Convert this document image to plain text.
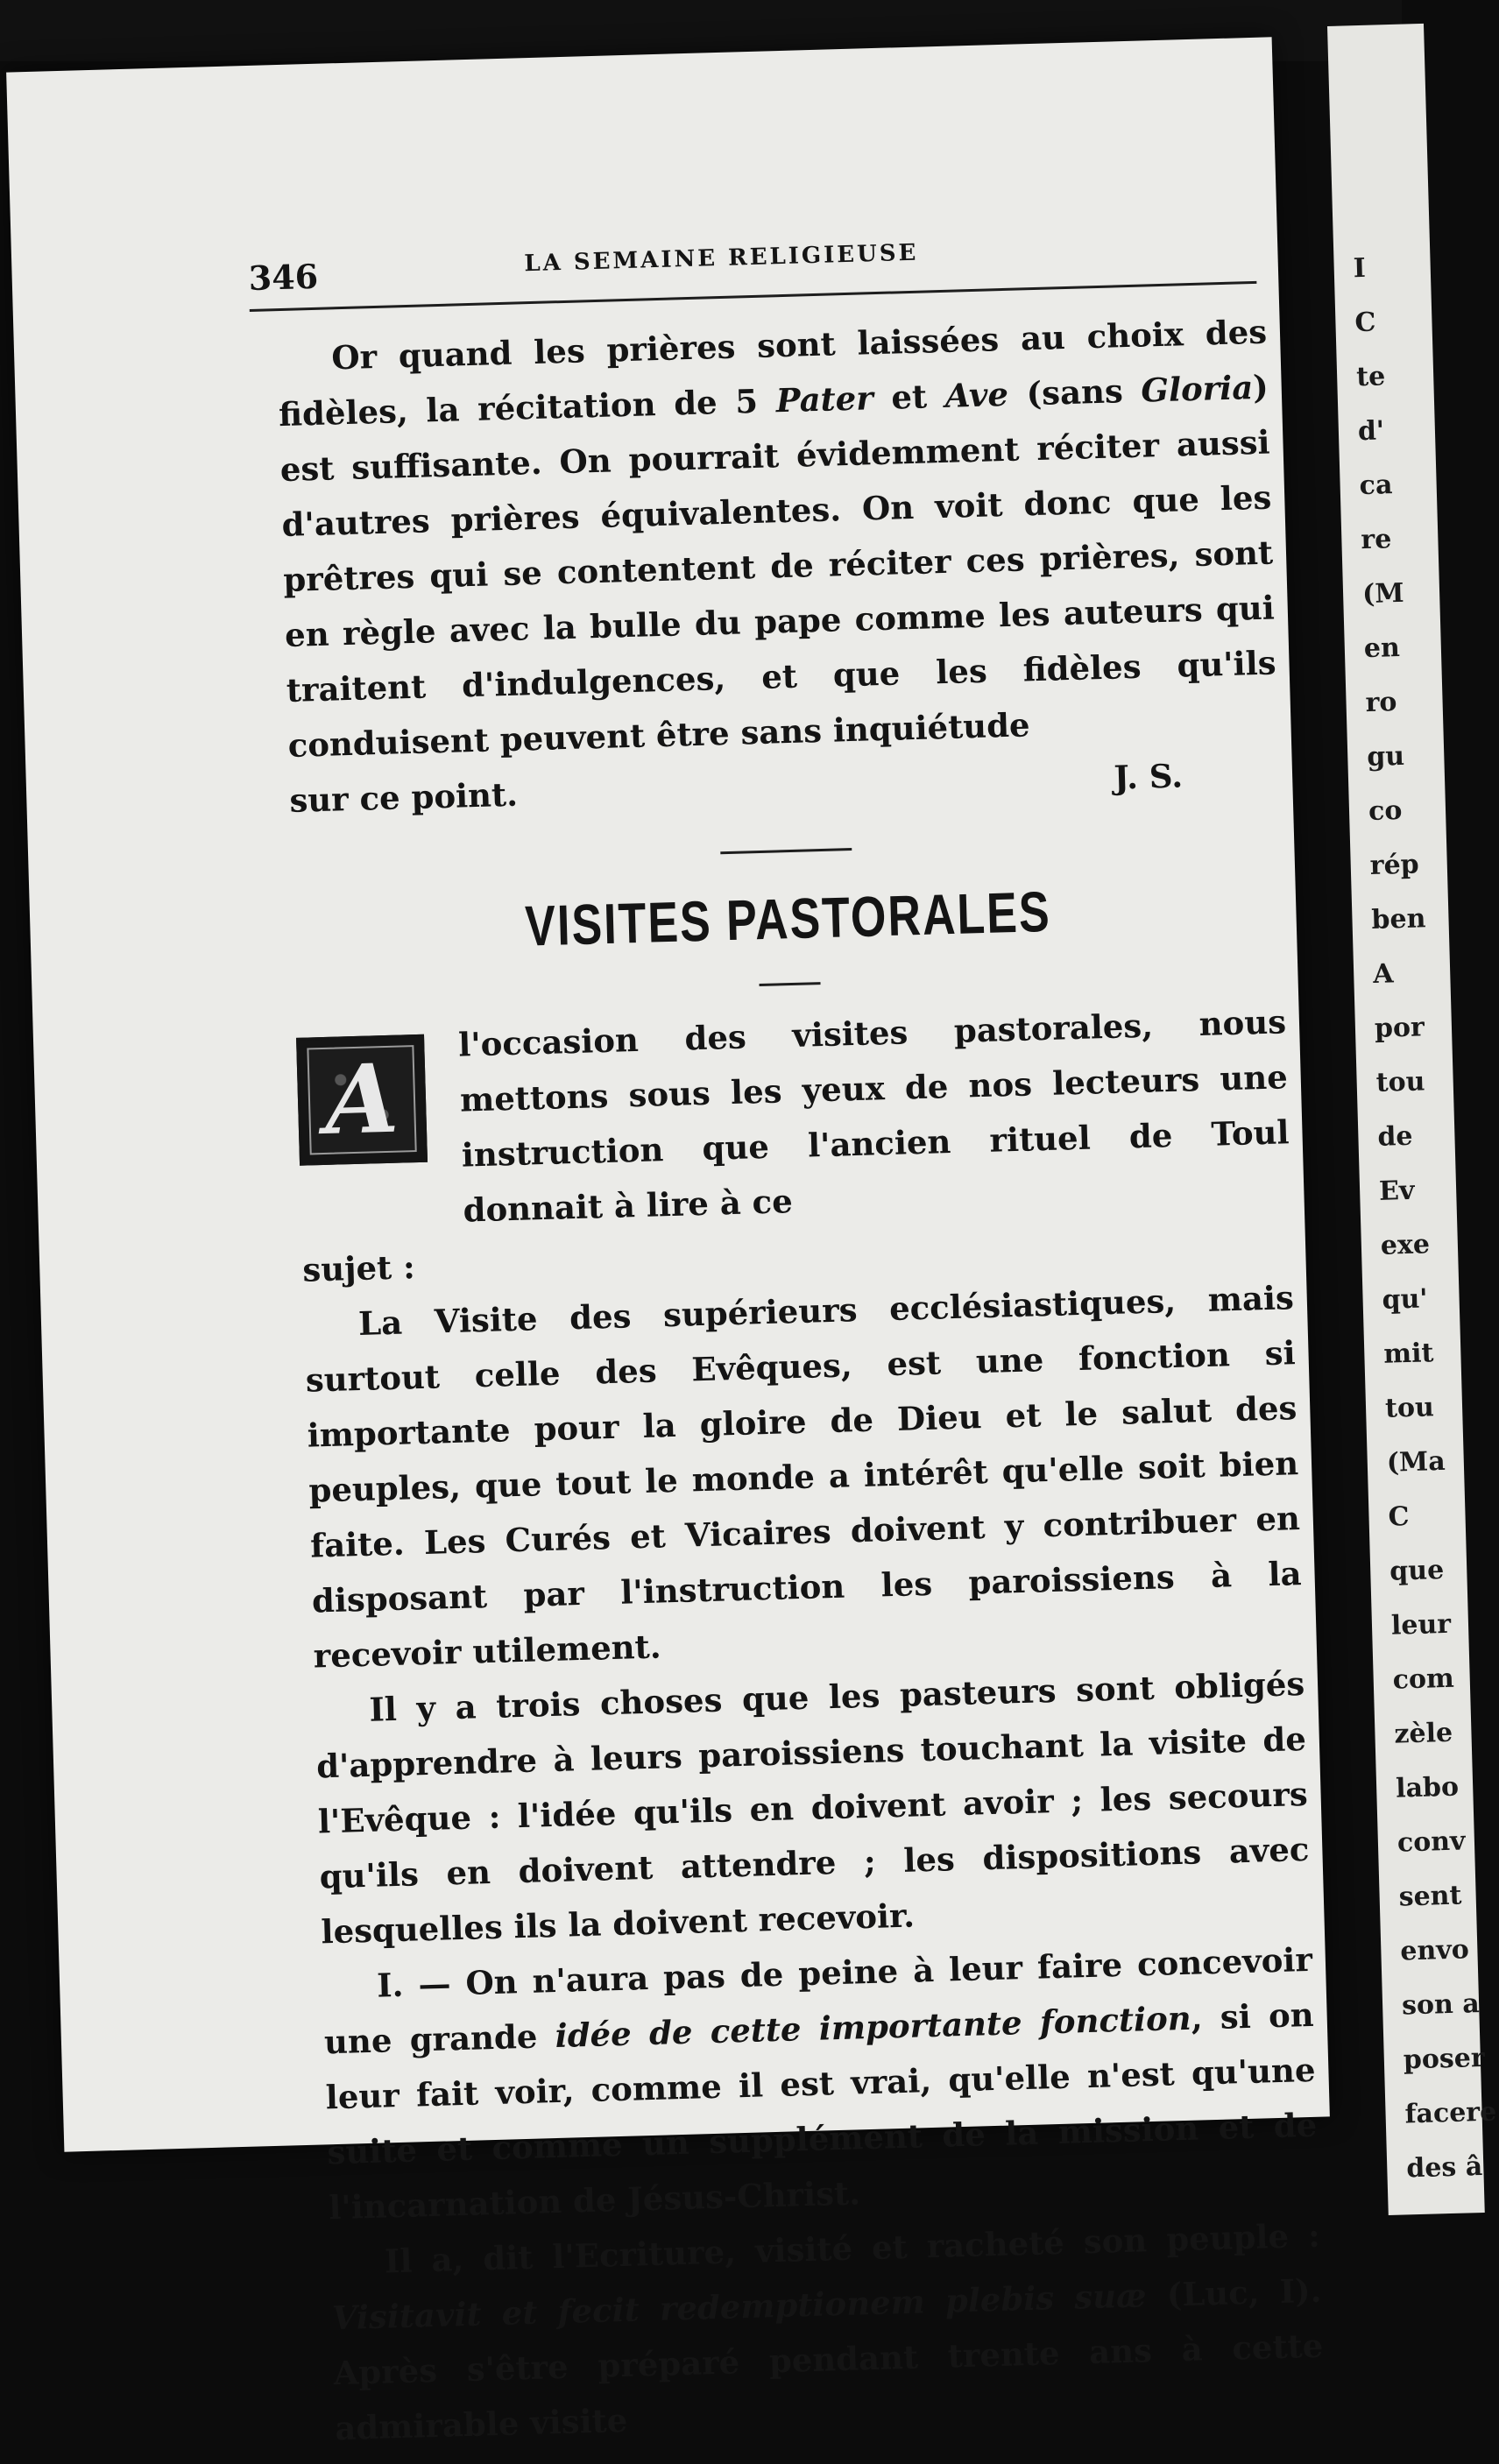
I
C
te
d'
ca
re
(M
en
ro
gu
co
rép
ben
A
por
tou
de
Ev
exe
qu'
mit
tou
(Ma
C
que
leur
com
zèle
labo
conv
sent
envo
son a
poser
facere
des â
346	LA SEMAINE RELIGIEUSE

Or quand les prières sont laissées au choix des fidèles, la récitation de 5 Pater et Ave (sans Gloria) est suffisante. On pourrait évidemment réciter aussi d'autres prières équivalentes. On voit donc que les prêtres qui se contentent de réciter ces prières, sont en règle avec la bulle du pape comme les auteurs qui traitent d'indulgences, et que les fidèles qu'ils conduisent peuvent être sans inquiétude

sur ce point.	J. S.
VISITES PASTORALES
A

l'occasion des visites pastorales, nous mettons sous les yeux de nos lecteurs une instruction que l'ancien rituel de Toul donnait à lire à ce

sujet :

La Visite des supérieurs ecclésiastiques, mais surtout celle des Evêques, est une fonction si importante pour la gloire de Dieu et le salut des peuples, que tout le monde a intérêt qu'elle soit bien faite. Les Curés et Vicaires doivent y contribuer en disposant par l'instruction les paroissiens à la recevoir utilement.

Il y a trois choses que les pasteurs sont obligés d'apprendre à leurs paroissiens touchant la visite de l'Evêque : l'idée qu'ils en doivent avoir ; les secours qu'ils en doivent attendre ; les dispositions avec lesquelles ils la doivent recevoir.

I. — On n'aura pas de peine à leur faire concevoir une grande idée de cette importante fonction, si on leur fait voir, comme il est vrai, qu'elle n'est qu'une suite et comme un supplément de la mission et de l'incarnation de Jésus-Christ.

Il a, dit l'Ecriture, visité et racheté son peuple : Visitavit et fecit redemptionem plebis suæ (Luc, I). Après s'être préparé pendant trente ans à cette admirable visite
